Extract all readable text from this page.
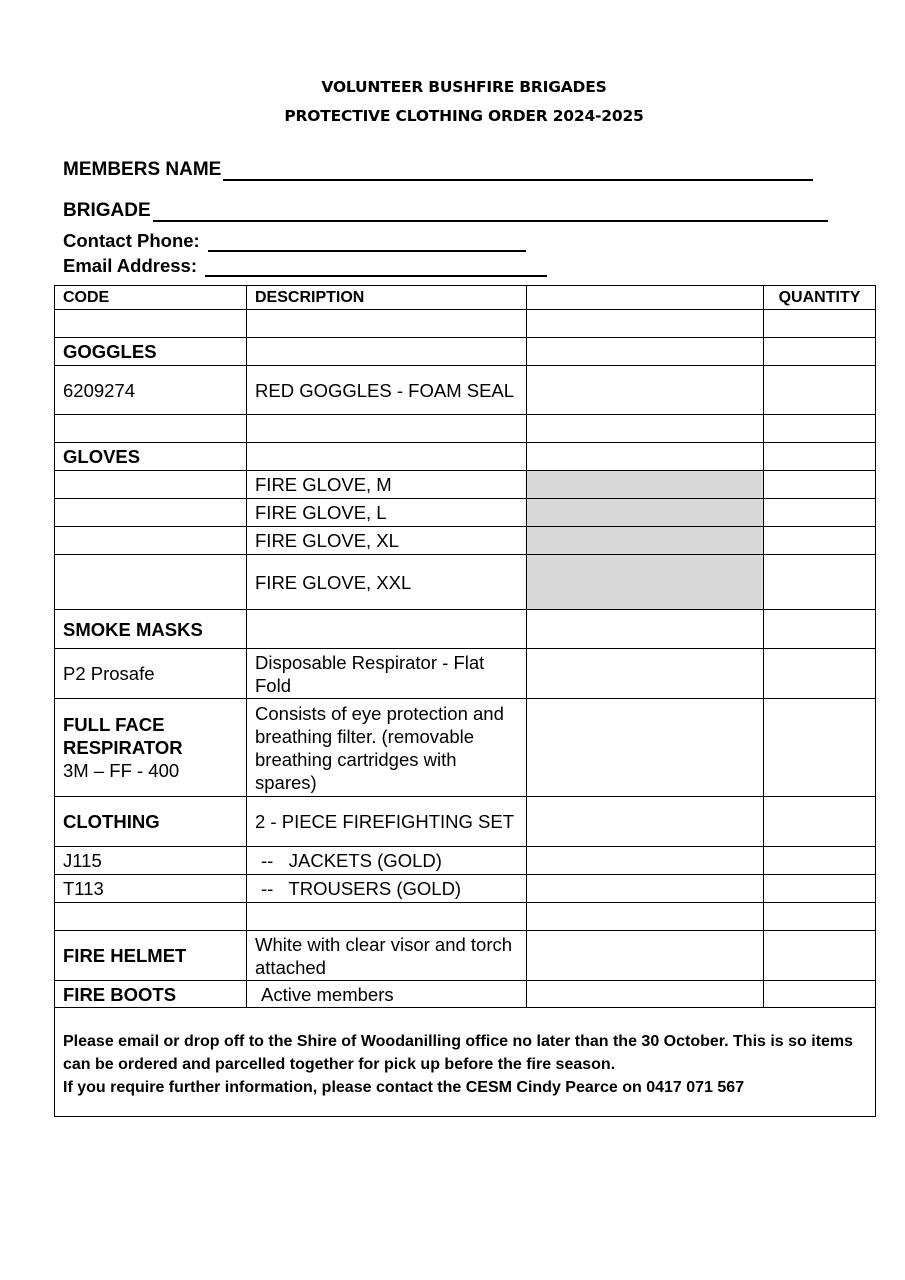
VOLUNTEER BUSHFIRE BRIGADES
PROTECTIVE CLOTHING ORDER 2024-2025
MEMBERS NAME
BRIGADE
Contact Phone:
Email Address:
CODE	DESCRIPTION		QUANTITY

GOGGLES			
6209274	RED GOGGLES - FOAM SEAL		

GLOVES			
	FIRE GLOVE, M		
	FIRE GLOVE, L		
	FIRE GLOVE, XL		
	FIRE GLOVE, XXL		
SMOKE MASKS			
P2 Prosafe	Disposable Respirator - Flat Fold		

FULL FACE RESPIRATOR
3M – FF - 400	Consists of eye protection and breathing filter. (removable breathing cartridges with spares)		
CLOTHING	2 - PIECE FIREFIGHTING SET		
J115	--   JACKETS (GOLD)		
T113	--   TROUSERS (GOLD)		

FIRE HELMET	White with clear visor and torch attached		
FIRE BOOTS	Active members		

Please email or drop off to the Shire of Woodanilling office no later than the 30 October. This is so items can be ordered and parcelled together for pick up before the fire season.
If you require further information, please contact the CESM Cindy Pearce on 0417 071 567			
